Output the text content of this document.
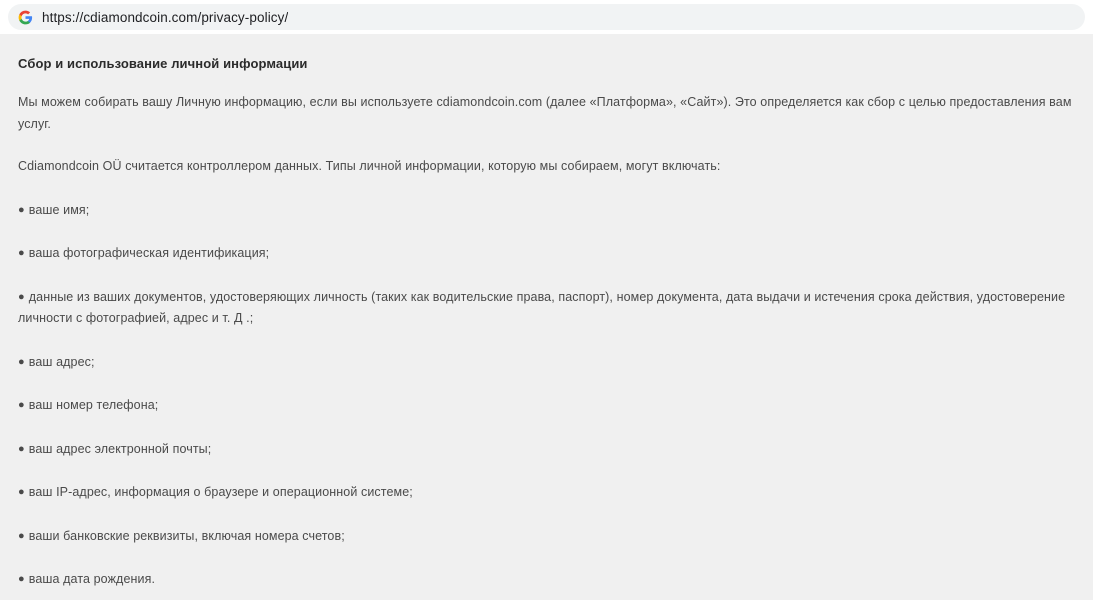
https://cdiamondcoin.com/privacy-policy/
Сбор и использование личной информации

Мы можем собирать вашу Личную информацию, если вы используете cdiamondcoin.com (далее «Платформа», «Сайт»). Это определяется как сбор с целью предоставления вам услуг.

Cdiamondcoin OÜ считается контроллером данных. Типы личной информации, которую мы собираем, могут включать:

● ваше имя;

● ваша фотографическая идентификация;

● данные из ваших документов, удостоверяющих личность (таких как водительские права, паспорт), номер документа, дата выдачи и истечения срока действия, удостоверение личности с фотографией, адрес и т. Д .;

● ваш адрес;

● ваш номер телефона;

● ваш адрес электронной почты;

● ваш IP-адрес, информация о браузере и операционной системе;

● ваши банковские реквизиты, включая номера счетов;

● ваша дата рождения.
